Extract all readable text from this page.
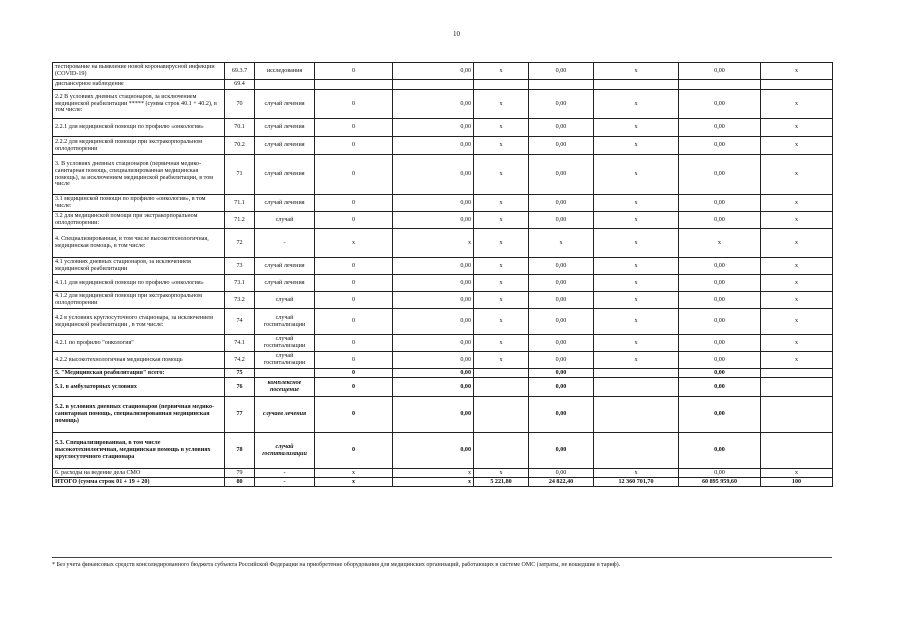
10
тестирование на выявление новой коронавирусной инфекции (COVID-19)	69.3.7	исследования	0	0,00	х	0,00	х	0,00	х
диспансерное наблюдение	69.4								
2.2 В условиях дневных стационаров, за исключением медицинской реабилитации ***** (сумма строк 40.1 + 40.2), в том числе:	70	случай лечения	0	0,00	х	0,00	х	0,00	х
2.2.1 для медицинской помощи по профилю «онкология»	70.1	случай лечения	0	0,00	х	0,00	х	0,00	х
2.2.2 для медицинской помощи при экстракорпоральном оплодотворении	70.2	случай лечения	0	0,00	х	0,00	х	0,00	х
3. В условиях дневных стационаров (первичная медико-санитарная помощь, специализированная медицинская помощь), за исключением медицинской реабилитации, в том числе	71	случай лечения	0	0,00	х	0,00	х	0,00	х
3.1 медицинской помощи по профилю «онкология», в том числе:	71.1	случай лечения	0	0,00	х	0,00	х	0,00	х
3.2 для медицинской помощи при экстракорпоральном оплодотворении:	71.2	случай	0	0,00	х	0,00	х	0,00	х
4. Специализированная, в том числе высокотехнологичная, медицинская помощь, в том числе:	72	-	х	х	х	х	х	х	х
4.1 условиях дневных стационаров, за исключением медицинской реабилитации	73	случай лечения	0	0,00	х	0,00	х	0,00	х
4.1.1 для медицинской помощи по профилю «онкология»	73.1	случай лечения	0	0,00	х	0,00	х	0,00	х
4.1.2 для медицинской помощи при экстракорпоральном оплодотворении	73.2	случай	0	0,00	х	0,00	х	0,00	х
4.2 в условиях круглосуточного стационара, за исключением медицинской реабилитации , в том числе:	74	случай госпитализации	0	0,00	х	0,00	х	0,00	х
4.2.1 по профилю "онкология"	74.1	случай госпитализации	0	0,00	х	0,00	х	0,00	х
4.2.2 высокотехнологичная медицинская помощь	74.2	случай госпитализации	0	0,00	х	0,00	х	0,00	х
5. "Медицинская реабилитация" всего:	75		0	0,00		0,00		0,00	
5.1. в амбулаторных условиях	76	комплексное посещение	0	0,00		0,00		0,00	
5.2. в условиях дневных стационаров (первичная медико-санитарная помощь, специализированная медицинская помощь)	77	случаев лечения	0	0,00		0,00		0,00	
5.3. Специализированная, в том числе высокотехнологичная, медицинская помощь в условиях круглосуточного стационара	78	случай госпитализации	0	0,00		0,00		0,00	
6. расходы на ведение дела СМО	79	-	х	х	х	0,00	х	0,00	х
ИТОГО (сумма строк 01 + 19 + 20)	80	-	х	х	5 221,80	24 822,40	12 360 701,70	60 895 959,60	100
* Без учета финансовых средств консолидированного бюджета субъекта Российской Федерации на приобретение оборудования для медицинских организаций, работающих в системе ОМС (затраты, не вошедшие в тариф).
